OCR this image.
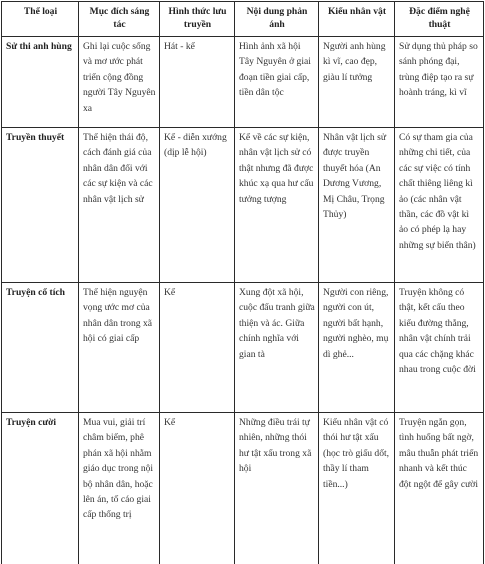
Thể loại	Mục đích sáng tác	Hình thức lưu truyền	Nội dung phản ánh	Kiểu nhân vật	Đặc điểm nghệ thuật
Sử thi anh hùng	Ghi lại cuộc sống và mơ ước phát triển cộng đồng người Tây Nguyên xa	Hát - kể	Hình ảnh xã hội Tây Nguyên ở giai đoạn tiền giai cấp, tiền dân tộc	Người anh hùng kì vĩ, cao đẹp, giàu lí tưởng	Sử dụng thủ pháp so sánh phóng đại, trùng điệp tạo ra sự hoành tráng, kì vĩ
Truyền thuyết	Thể hiện thái độ, cách đánh giá của nhân dân đối với các sự kiện và các nhân vật lịch sử	Kể - diễn xướng (dịp lễ hội)	Kể về các sự kiện, nhân vật lịch sử có thật nhưng đã được khúc xạ qua hư cấu tưởng tượng	Nhân vật lịch sử được truyền thuyết hóa (An Dương Vương, Mị Châu, Trọng Thủy)	Có sự tham gia của những chi tiết, của các sự việc có tính chất thiêng liêng kì ảo (các nhân vật thần, các đồ vật kì ảo có phép lạ hay những sự biến thân)
Truyện cổ tích	Thể hiện nguyện vọng ước mơ của nhân dân trong xã hội có giai cấp	Kể	Xung đột xã hội, cuộc đấu tranh giữa thiện và ác. Giữa chính nghĩa với gian tà	Người con riêng, người con út, người bất hạnh, người nghèo, mụ dì ghẻ...	Truyện không có thật, kết cấu theo kiểu đường thẳng, nhân vật chính trải qua các chặng khác nhau trong cuộc đời
Truyện cười	Mua vui, giải trí châm biếm, phê phán xã hội nhằm giáo dục trong nội bộ nhân dân, hoặc lên án, tố cáo giai cấp thống trị	Kể	Những điều trái tự nhiên, những thói hư tật xấu trong xã hội	Kiểu nhân vật có thói hư tật xấu (học trò giấu dốt, thầy lí tham tiền...)	Truyện ngắn gọn, tình huống bất ngờ, mâu thuẫn phát triển nhanh và kết thúc đột ngột để gây cười
